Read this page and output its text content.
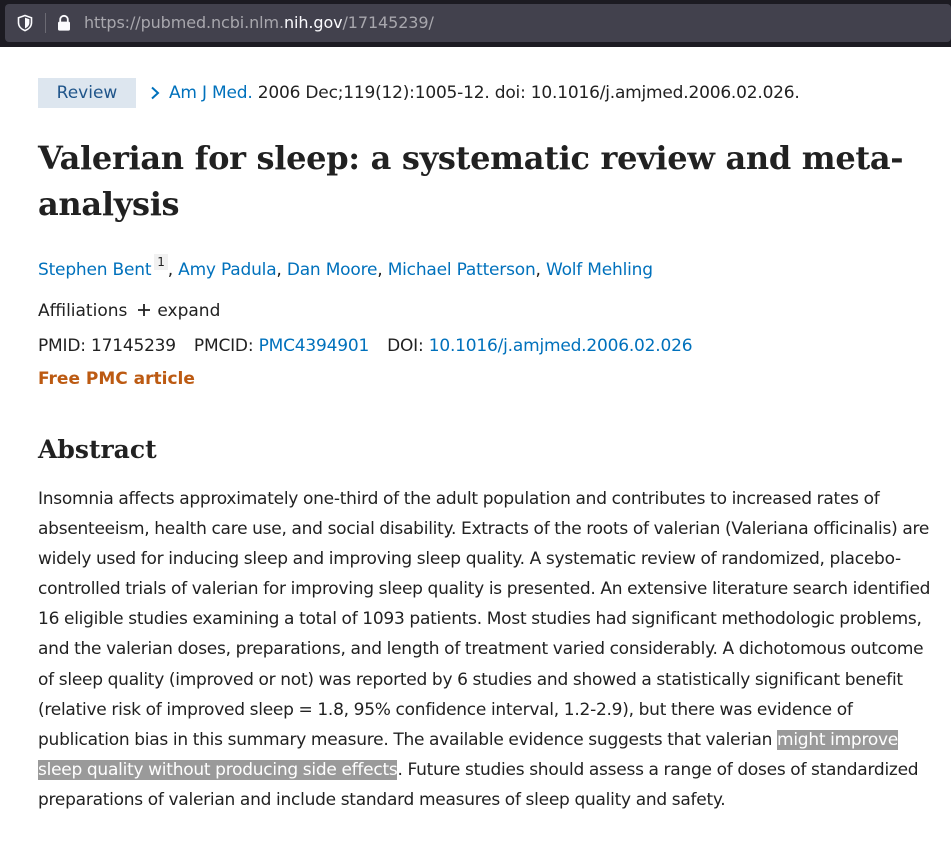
https://pubmed.ncbi.nlm.nih.gov/17145239/
Review	Am J Med. 2006 Dec;119(12):1005-12. doi: 10.1016/j.amjmed.2006.02.026.
Valerian for sleep: a systematic review and meta-analysis
Stephen Bent $^1$ , Amy Padula, Dan Moore, Michael Patterson, Wolf Mehling
Affiliations expand
PMID: 17145239 PMCID: PMC4394901 DOI: 10.1016/j.amjmed.2006.02.026
Free PMC article
Abstract

Insomnia affects approximately one-third of the adult population and contributes to increased rates of absenteeism, health care use, and social disability. Extracts of the roots of valerian (Valeriana officinalis) are widely used for inducing sleep and improving sleep quality. A systematic review of randomized, placebo-controlled trials of valerian for improving sleep quality is presented. An extensive literature search identified 16 eligible studies examining a total of 1093 patients. Most studies had significant methodologic problems, and the valerian doses, preparations, and length of treatment varied considerably. A dichotomous outcome of sleep quality (improved or not) was reported by 6 studies and showed a statistically significant benefit (relative risk of improved sleep = 1.8, 95% confidence interval, 1.2-2.9), but there was evidence of publication bias in this summary measure. The available evidence suggests that valerian might improve sleep quality without producing side effects. Future studies should assess a range of doses of standardized preparations of valerian and include standard measures of sleep quality and safety.
